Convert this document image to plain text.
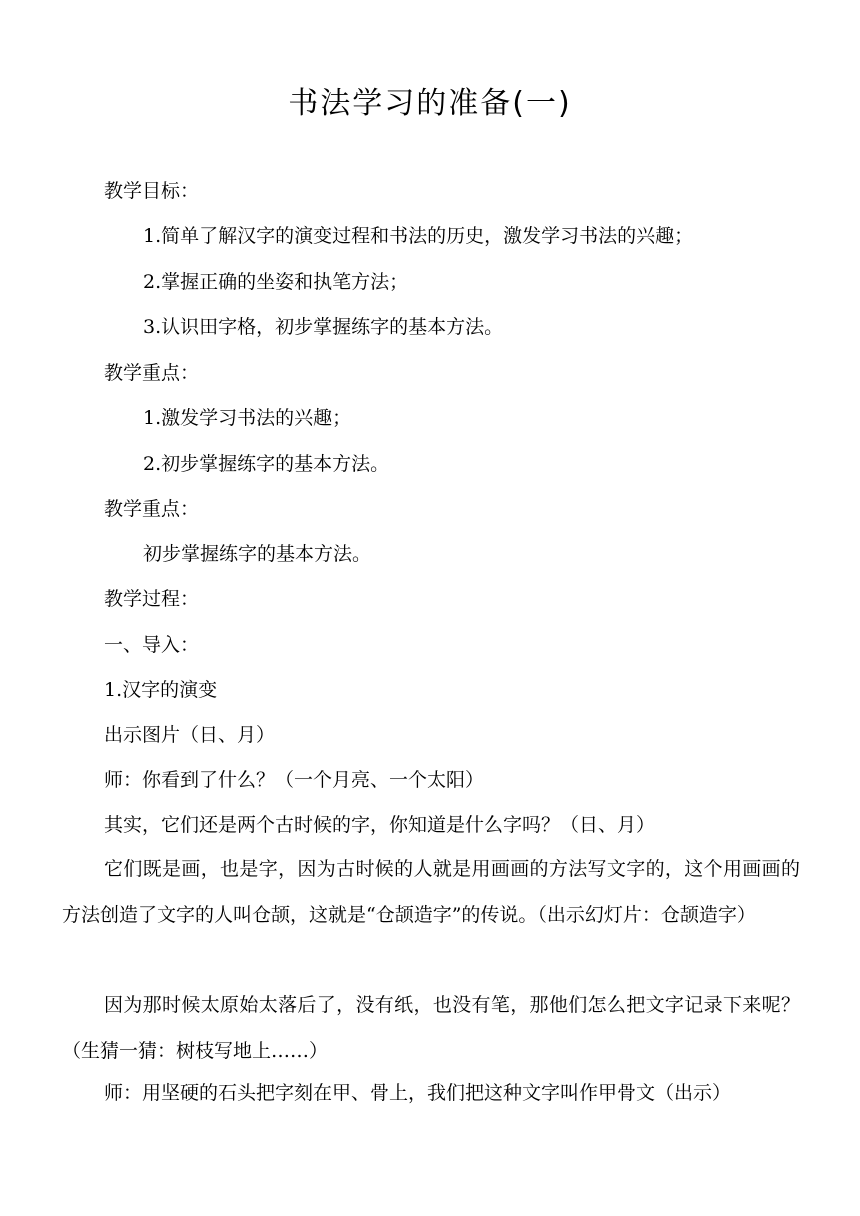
书法学习的准备(一)
教学目标：
1.简单了解汉字的演变过程和书法的历史，激发学习书法的兴趣；
2.掌握正确的坐姿和执笔方法；
3.认识田字格，初步掌握练字的基本方法。
教学重点：
1.激发学习书法的兴趣；
2.初步掌握练字的基本方法。
教学重点：
初步掌握练字的基本方法。
教学过程：
一、导入：
1.汉字的演变
出示图片（日、月）
师：你看到了什么？（一个月亮、一个太阳）
其实，它们还是两个古时候的字，你知道是什么字吗？（日、月）
它们既是画，也是字，因为古时候的人就是用画画的方法写文字的，这个用画画的方法创造了文字的人叫仓颉，这就是“仓颉造字”的传说。（出示幻灯片：仓颉造字）
因为那时候太原始太落后了，没有纸，也没有笔，那他们怎么把文字记录下来呢？（生猜一猜：树枝写地上……）
师：用坚硬的石头把字刻在甲、骨上，我们把这种文字叫作甲骨文（出示）
